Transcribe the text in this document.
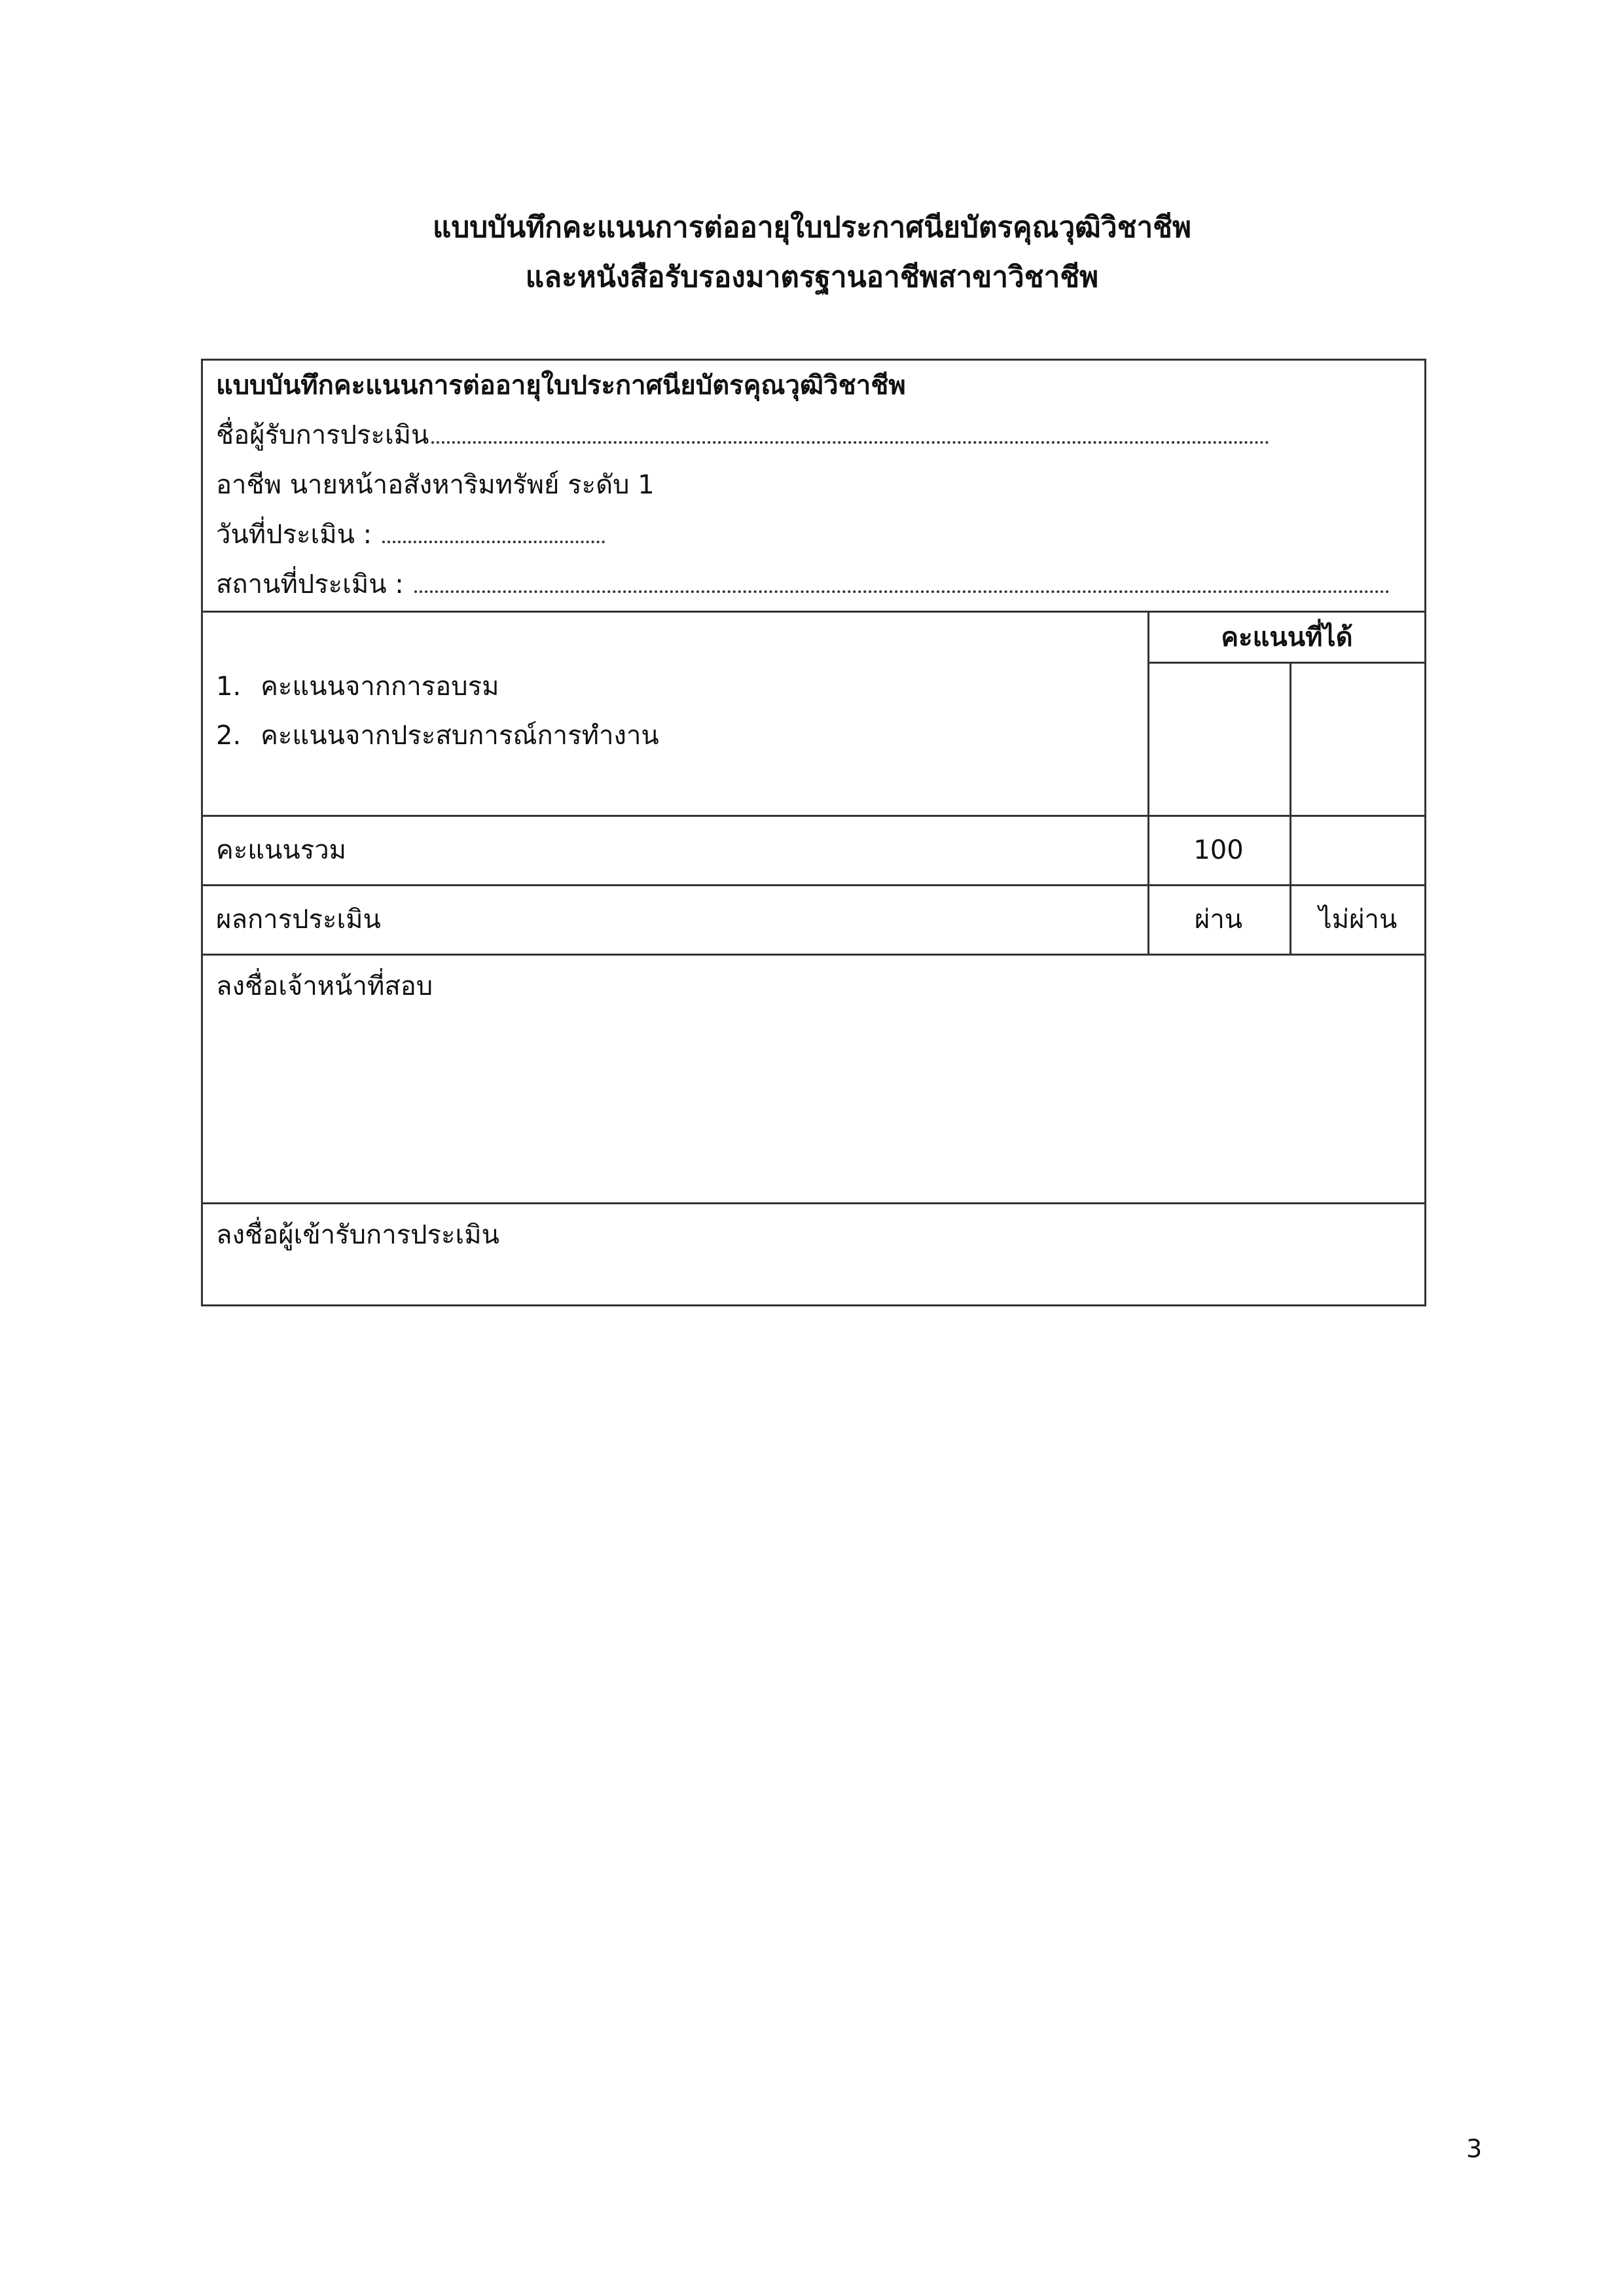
แบบบันทึกคะแนนการต่ออายุใบประกาศนียบัตรคุณวุฒิวิชาชีพ
และหนังสือรับรองมาตรฐานอาชีพสาขาวิชาชีพ
แบบบันทึกคะแนนการต่ออายุใบประกาศนียบัตรคุณวุฒิวิชาชีพ
ชื่อผู้รับการประเมิน
อาชีพ นายหน้าอสังหาริมทรัพย์ ระดับ 1
วันที่ประเมิน :
สถานที่ประเมิน :
คะแนนที่ได้
1. คะแนนจากการอบรม
2. คะแนนจากประสบการณ์การทำงาน
คะแนนรวม	100
ผลการประเมิน	ผ่าน	ไม่ผ่าน
ลงชื่อเจ้าหน้าที่สอบ
ลงชื่อผู้เข้ารับการประเมิน
3
